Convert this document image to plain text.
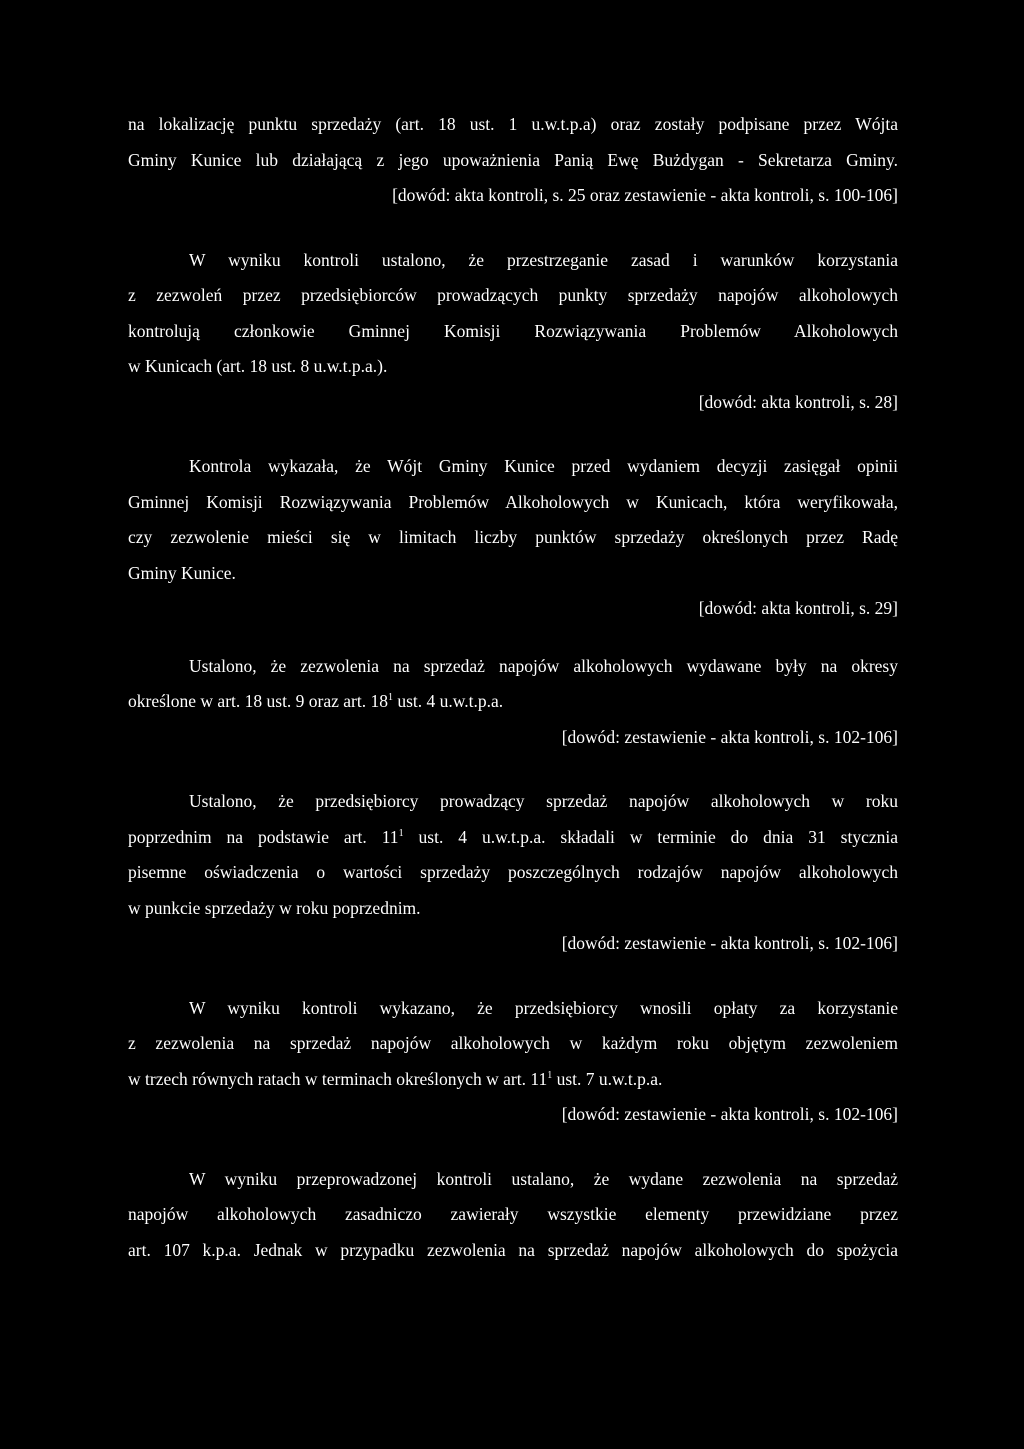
na lokalizację punktu sprzedaży (art. 18 ust. 1 u.w.t.p.a) oraz zostały podpisane przez Wójta
Gminy Kunice lub działającą z jego upoważnienia Panią Ewę Bużdygan - Sekretarza Gminy.
[dowód: akta kontroli, s. 25 oraz zestawienie - akta kontroli, s. 100-106]
W wyniku kontroli ustalono, że przestrzeganie zasad i warunków korzystania
z zezwoleń przez przedsiębiorców prowadzących punkty sprzedaży napojów alkoholowych
kontrolują członkowie Gminnej Komisji Rozwiązywania Problemów Alkoholowych
w Kunicach (art. 18 ust. 8 u.w.t.p.a.).
[dowód: akta kontroli, s. 28]
Kontrola wykazała, że Wójt Gminy Kunice przed wydaniem decyzji zasięgał opinii
Gminnej Komisji Rozwiązywania Problemów Alkoholowych w Kunicach, która weryfikowała,
czy zezwolenie mieści się w limitach liczby punktów sprzedaży określonych przez Radę
Gminy Kunice.
[dowód: akta kontroli, s. 29]
Ustalono, że zezwolenia na sprzedaż napojów alkoholowych wydawane były na okresy
określone w art. 18 ust. 9 oraz art. $18^1$ ust. 4 u.w.t.p.a.
[dowód: zestawienie - akta kontroli, s. 102-106]
Ustalono, że przedsiębiorcy prowadzący sprzedaż napojów alkoholowych w roku
poprzednim na podstawie art. $11^1$ ust. 4 u.w.t.p.a. składali w terminie do dnia 31 stycznia
pisemne oświadczenia o wartości sprzedaży poszczególnych rodzajów napojów alkoholowych
w punkcie sprzedaży w roku poprzednim.
[dowód: zestawienie - akta kontroli, s. 102-106]
W wyniku kontroli wykazano, że przedsiębiorcy wnosili opłaty za korzystanie
z zezwolenia na sprzedaż napojów alkoholowych w każdym roku objętym zezwoleniem
w trzech równych ratach w terminach określonych w art. $11^1$ ust. 7 u.w.t.p.a.
[dowód: zestawienie - akta kontroli, s. 102-106]
W wyniku przeprowadzonej kontroli ustalano, że wydane zezwolenia na sprzedaż
napojów alkoholowych zasadniczo zawierały wszystkie elementy przewidziane przez
art. 107 k.p.a. Jednak w przypadku zezwolenia na sprzedaż napojów alkoholowych do spożycia
